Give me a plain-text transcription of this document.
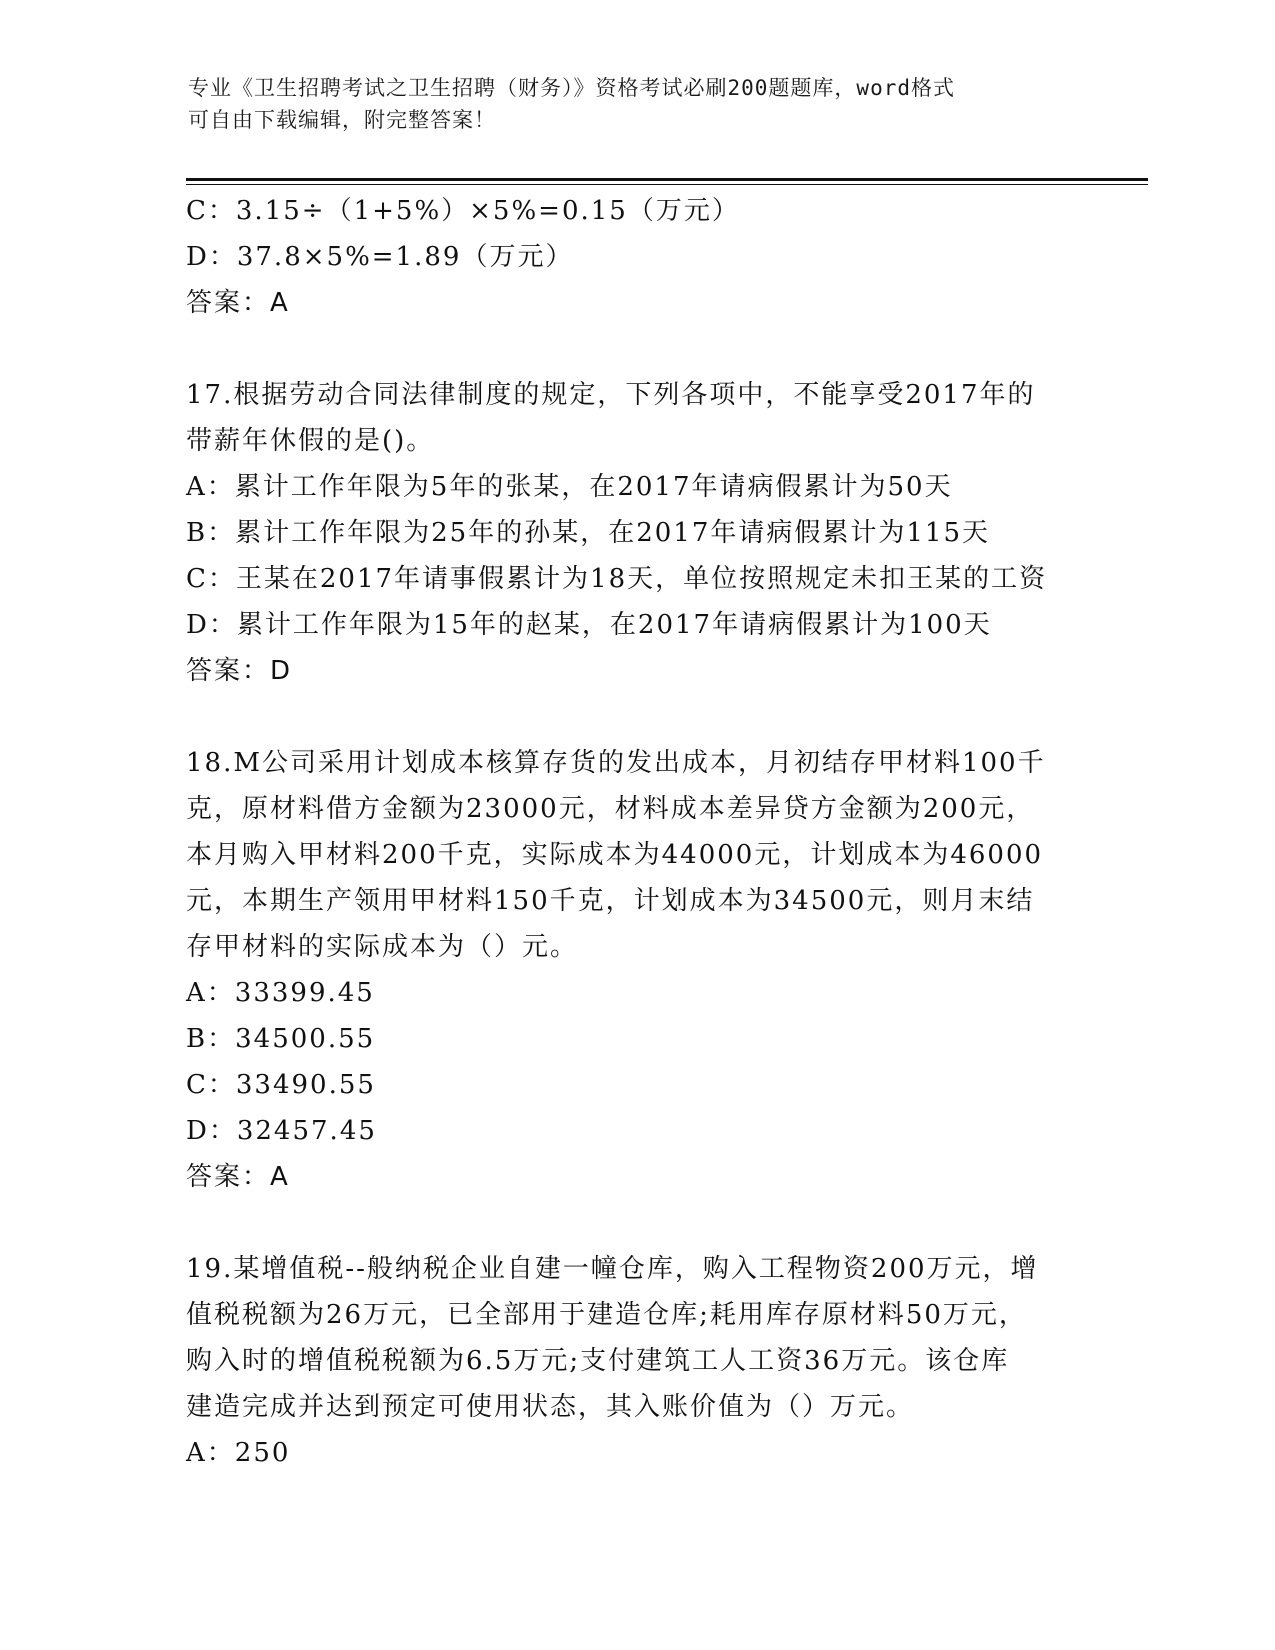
专业《卫生招聘考试之卫生招聘（财务）》资格考试必刷200题题库，word格式
可自由下载编辑，附完整答案！
C：3.15÷（1+5%）×5%=0.15（万元）
D：37.8×5%=1.89（万元）
答案：A
17.根据劳动合同法律制度的规定，下列各项中，不能享受2017年的
带薪年休假的是()。
A：累计工作年限为5年的张某，在2017年请病假累计为50天
B：累计工作年限为25年的孙某，在2017年请病假累计为115天
C：王某在2017年请事假累计为18天，单位按照规定未扣王某的工资
D：累计工作年限为15年的赵某，在2017年请病假累计为100天
答案：D
18.M公司采用计划成本核算存货的发出成本，月初结存甲材料100千
克，原材料借方金额为23000元，材料成本差异贷方金额为200元，
本月购入甲材料200千克，实际成本为44000元，计划成本为46000
元，本期生产领用甲材料150千克，计划成本为34500元，则月末结
存甲材料的实际成本为（）元。
A：33399.45
B：34500.55
C：33490.55
D：32457.45
答案：A
19.某增值税--般纳税企业自建一幢仓库，购入工程物资200万元，增
值税税额为26万元，已全部用于建造仓库;耗用库存原材料50万元，
购入时的增值税税额为6.5万元;支付建筑工人工资36万元。该仓库
建造完成并达到预定可使用状态，其入账价值为（）万元。
A：250
